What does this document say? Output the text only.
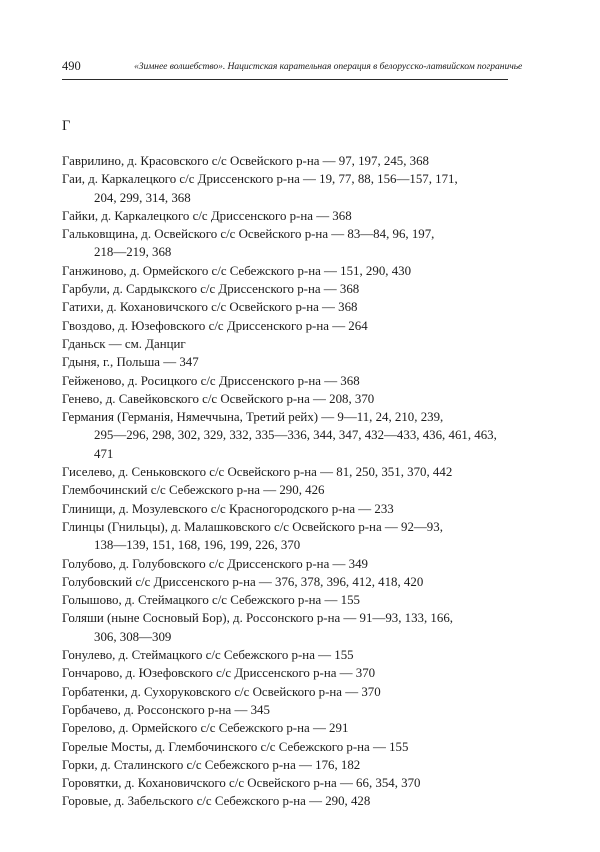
490	«Зимнее волшебство». Нацистская карательная операция в белорусско-латвийском пограничье
Г

Гаврилино, д. Красовского с/с Освейского р-на — 97, 197, 245, 368

Гаи, д. Каркалецкого с/с Дриссенского р-на — 19, 77, 88, 156—157, 171,
204, 299, 314, 368

Гайки, д. Каркалецкого с/с Дриссенского р-на — 368

Гальковщина, д. Освейского с/с Освейского р-на — 83—84, 96, 197,
218—219, 368

Ганжиново, д. Ормейского с/с Себежского р-на — 151, 290, 430

Гарбули, д. Сардыкского с/с Дриссенского р-на — 368

Гатихи, д. Кохановичского с/с Освейского р-на — 368

Гвоздово, д. Юзефовского с/с Дриссенского р-на — 264

Гданьск — см. Данциг

Гдыня, г., Польша — 347

Гейженово, д. Росицкого с/с Дриссенского р-на — 368

Генево, д. Савейковского с/с Освейского р-на — 208, 370

Германия (Германія, Нямеччына, Третий рейх) — 9—11, 24, 210, 239,
295—296, 298, 302, 329, 332, 335—336, 344, 347, 432—433, 436, 461, 463,
471

Гиселево, д. Сеньковского с/с Освейского р-на — 81, 250, 351, 370, 442

Глембочинский с/с Себежского р-на — 290, 426

Глинищи, д. Мозулевского с/с Красногородского р-на — 233

Глинцы (Гнильцы), д. Малашковского с/с Освейского р-на — 92—93,
138—139, 151, 168, 196, 199, 226, 370

Голубово, д. Голубовского с/с Дриссенского р-на — 349

Голубовский с/с Дриссенского р-на — 376, 378, 396, 412, 418, 420

Голышово, д. Стеймацкого с/с Себежского р-на — 155

Голяши (ныне Сосновый Бор), д. Россонского р-на — 91—93, 133, 166,
306, 308—309

Гонулево, д. Стеймацкого с/с Себежского р-на — 155

Гончарово, д. Юзефовского с/с Дриссенского р-на — 370

Горбатенки, д. Сухоруковского с/с Освейского р-на — 370

Горбачево, д. Россонского р-на — 345

Горелово, д. Ормейского с/с Себежского р-на — 291

Горелые Мосты, д. Глембочинского с/с Себежского р-на — 155

Горки, д. Сталинского с/с Себежского р-на — 176, 182

Горовятки, д. Кохановичского с/с Освейского р-на — 66, 354, 370

Горовые, д. Забельского с/с Себежского р-на — 290, 428
